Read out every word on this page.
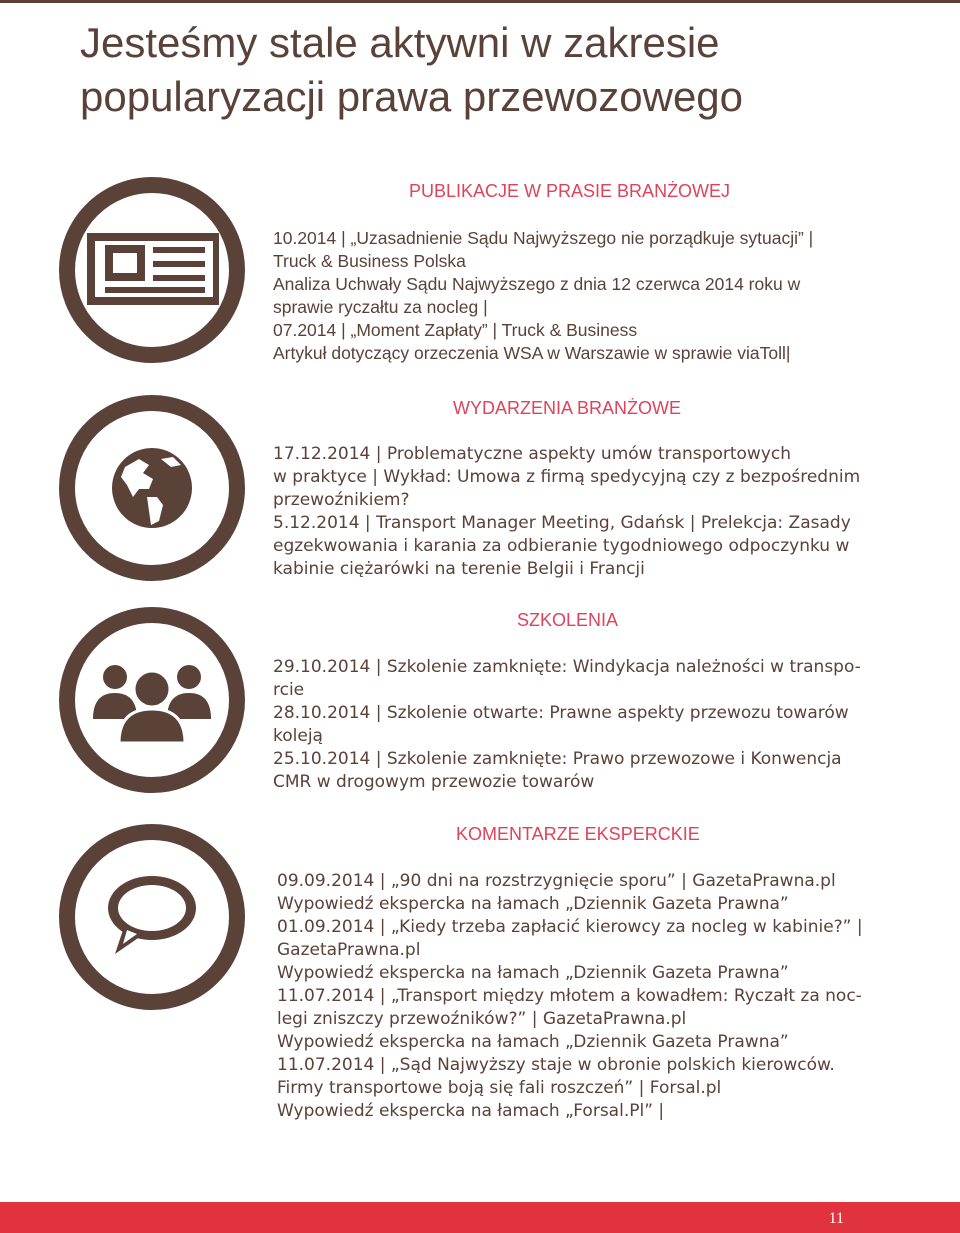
Jesteśmy stale aktywni w zakresie
popularyzacji prawa przewozowego
PUBLIKACJE W PRASIE BRANŻOWEJ
10.2014 | „Uzasadnienie Sądu Najwyższego nie porządkuje sytuacji” |
Truck & Business Polska
Analiza Uchwały Sądu Najwyższego z dnia 12 czerwca 2014 roku w
sprawie ryczałtu za nocleg |
07.2014 | „Moment Zapłaty” | Truck & Business
Artykuł dotyczący orzeczenia WSA w Warszawie w sprawie viaToll|
WYDARZENIA BRANŻOWE
17.12.2014 | Problematyczne aspekty umów transportowych
w praktyce | Wykład: Umowa z firmą spedycyjną czy z bezpośrednim
przewoźnikiem?
5.12.2014 | Transport Manager Meeting, Gdańsk | Prelekcja: Zasady
egzekwowania i karania za odbieranie tygodniowego odpoczynku w
kabinie ciężarówki na terenie Belgii i Francji
SZKOLENIA
29.10.2014 | Szkolenie zamknięte: Windykacja należności w transpo-
rcie
28.10.2014 | Szkolenie otwarte: Prawne aspekty przewozu towarów
koleją
25.10.2014 | Szkolenie zamknięte: Prawo przewozowe i Konwencja
CMR w drogowym przewozie towarów
KOMENTARZE EKSPERCKIE
09.09.2014 | „90 dni na rozstrzygnięcie sporu” | GazetaPrawna.pl
Wypowiedź ekspercka na łamach „Dziennik Gazeta Prawna”
01.09.2014 | „Kiedy trzeba zapłacić kierowcy za nocleg w kabinie?” |
GazetaPrawna.pl
Wypowiedź ekspercka na łamach „Dziennik Gazeta Prawna”
11.07.2014 | „Transport między młotem a kowadłem: Ryczałt za noc-
legi zniszczy przewoźników?” | GazetaPrawna.pl
Wypowiedź ekspercka na łamach „Dziennik Gazeta Prawna”
11.07.2014 | „Sąd Najwyższy staje w obronie polskich kierowców.
Firmy transportowe boją się fali roszczeń” | Forsal.pl
Wypowiedź ekspercka na łamach „Forsal.Pl” |
11
